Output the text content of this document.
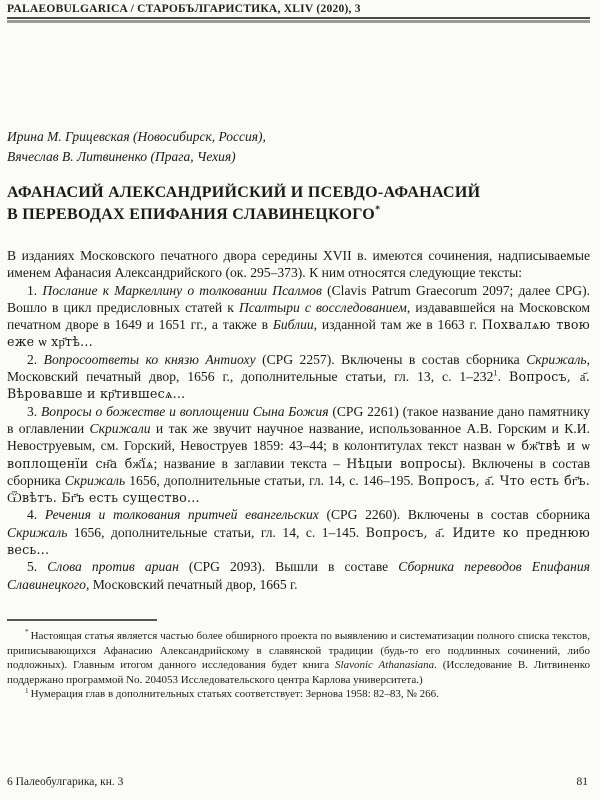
PALAEOBULGARICA / СТАРОБЪЛГАРИСТИКА, XLIV (2020), 3
Ирина М. Грицевская (Новосибирск, Россия),
Вячеслав В. Литвиненко (Прага, Чехия)
АФАНАСИЙ АЛЕКСАНДРИЙСКИЙ И ПСЕВДО-АФАНАСИЙ
В ПЕРЕВОДАХ ЕПИФАНИЯ СЛАВИНЕЦКОГО*

В изданиях Московского печатного двора середины XVII в. имеются сочинения, надписываемые именем Афанасия Александрийского (ок. 295–373). К ним относятся следующие тексты:

1. Послание к Маркеллину о толковании Псалмов (Clavis Patrum Graecorum 2097; далее CPG). Вошло в цикл предисловных статей к Псалтыри с восследованием, издававшейся на Московском печатном дворе в 1649 и 1651 гг., а также в Библии, изданной там же в 1663 г. Похвалѧю твою еже ѡ хр҃тѣ...

2. Вопросоответы ко князю Антиоху (CPG 2257). Включены в состав сборника Скрижаль, Московский печатный двор, 1656 г., дополнительные статьи, гл. 13, с. $1-232^1$. Вопросъ, а҃. Вѣровавше и кр҃тившесѧ...

3. Вопросы о божестве и воплощении Сына Божия (CPG 2261) (такое название дано памятнику в оглавлении Скрижали и так же звучит научное название, использованное А.В. Горским и К.И. Невоструевым, см. Горский, Невоструев 1859: 43–44; в колонтитулах текст назван ѡ бж҃твѣ и ѡ воплощенїи сн҃а бж҃їѧ; название в заглавии текста – Нѣцыи вопросы). Включены в состав сборника Скрижаль 1656, дополнительные статьи, гл. 14, с. 146–195. Вопросъ, а҃. Что есть бг҃ъ. Ѿвѣтъ. Бг҃ъ есть существо...

4. Речения и толкования притчей евангельских (CPG 2260). Включены в состав сборника Скрижаль 1656, дополнительные статьи, гл. 14, с. 1–145. Вопросъ, а҃. Идите ко преднюю весь...

5. Слова против ариан (CPG 2093). Вышли в составе Сборника переводов Епифания Славинецкого, Московский печатный двор, 1665 г.

* Настоящая статья является частью более обширного проекта по выявлению и систематизации полного списка текстов, приписывающихся Афанасию Александрийскому в славянской традиции (будь-то его подлинных сочинений, либо подложных). Главным итогом данного исследования будет книга Slavonic Athanasiana. (Исследование В. Литвиненко поддержано программой No. 204053 Исследовательского центра Карлова университета.)

$^1$ Нумерация глав в дополнительных статьях соответствует: Зернова 1958: 82–83, № 266.

6 Палеобулгарика, кн. 3	81
